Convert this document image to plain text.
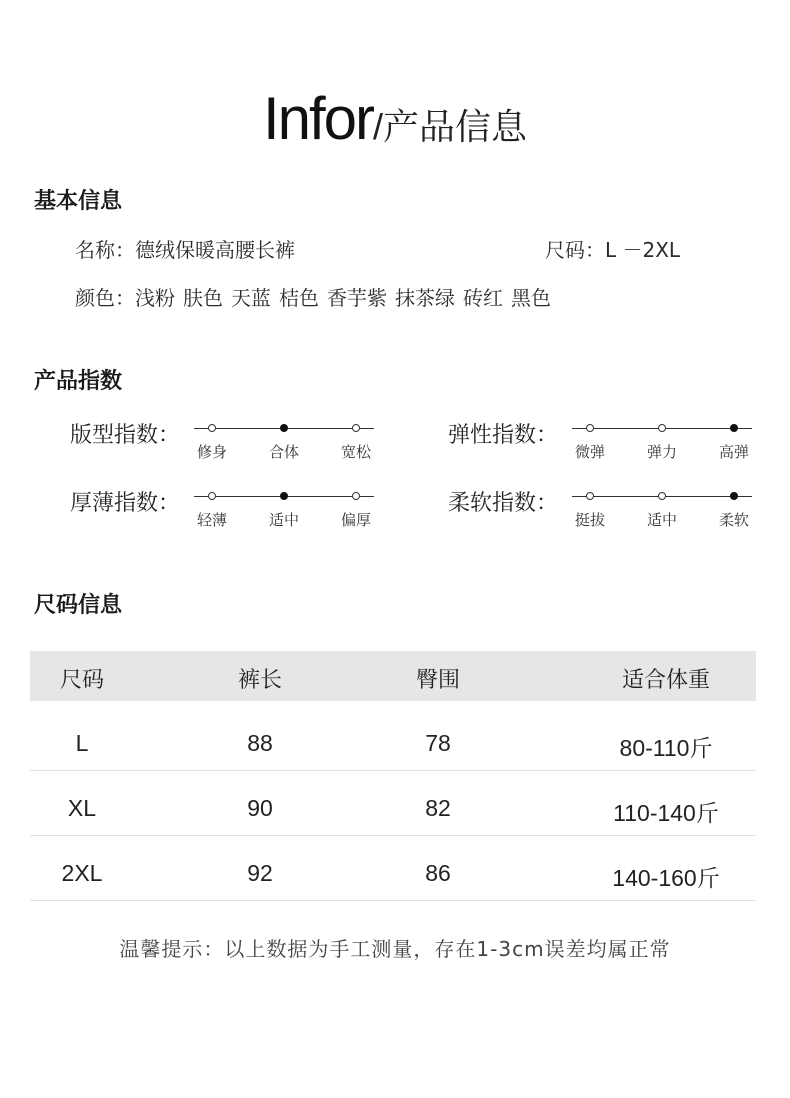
Infor/产品信息
基本信息
名称：德绒保暖高腰长裤	尺码：L －2XL
颜色：浅粉 肤色 天蓝 桔色 香芋紫 抹茶绿 砖红 黑色
产品指数
版型指数：
修身	合体	宽松
弹性指数：
微弹	弹力	高弹
厚薄指数：
轻薄	适中	偏厚
柔软指数：
挺拔	适中	柔软
尺码信息
尺码	裤长	臀围	适合体重
L	88	78	80-110斤
XL	90	82	110-140斤
2XL	92	86	140-160斤
温馨提示：以上数据为手工测量，存在1-3cm误差均属正常
